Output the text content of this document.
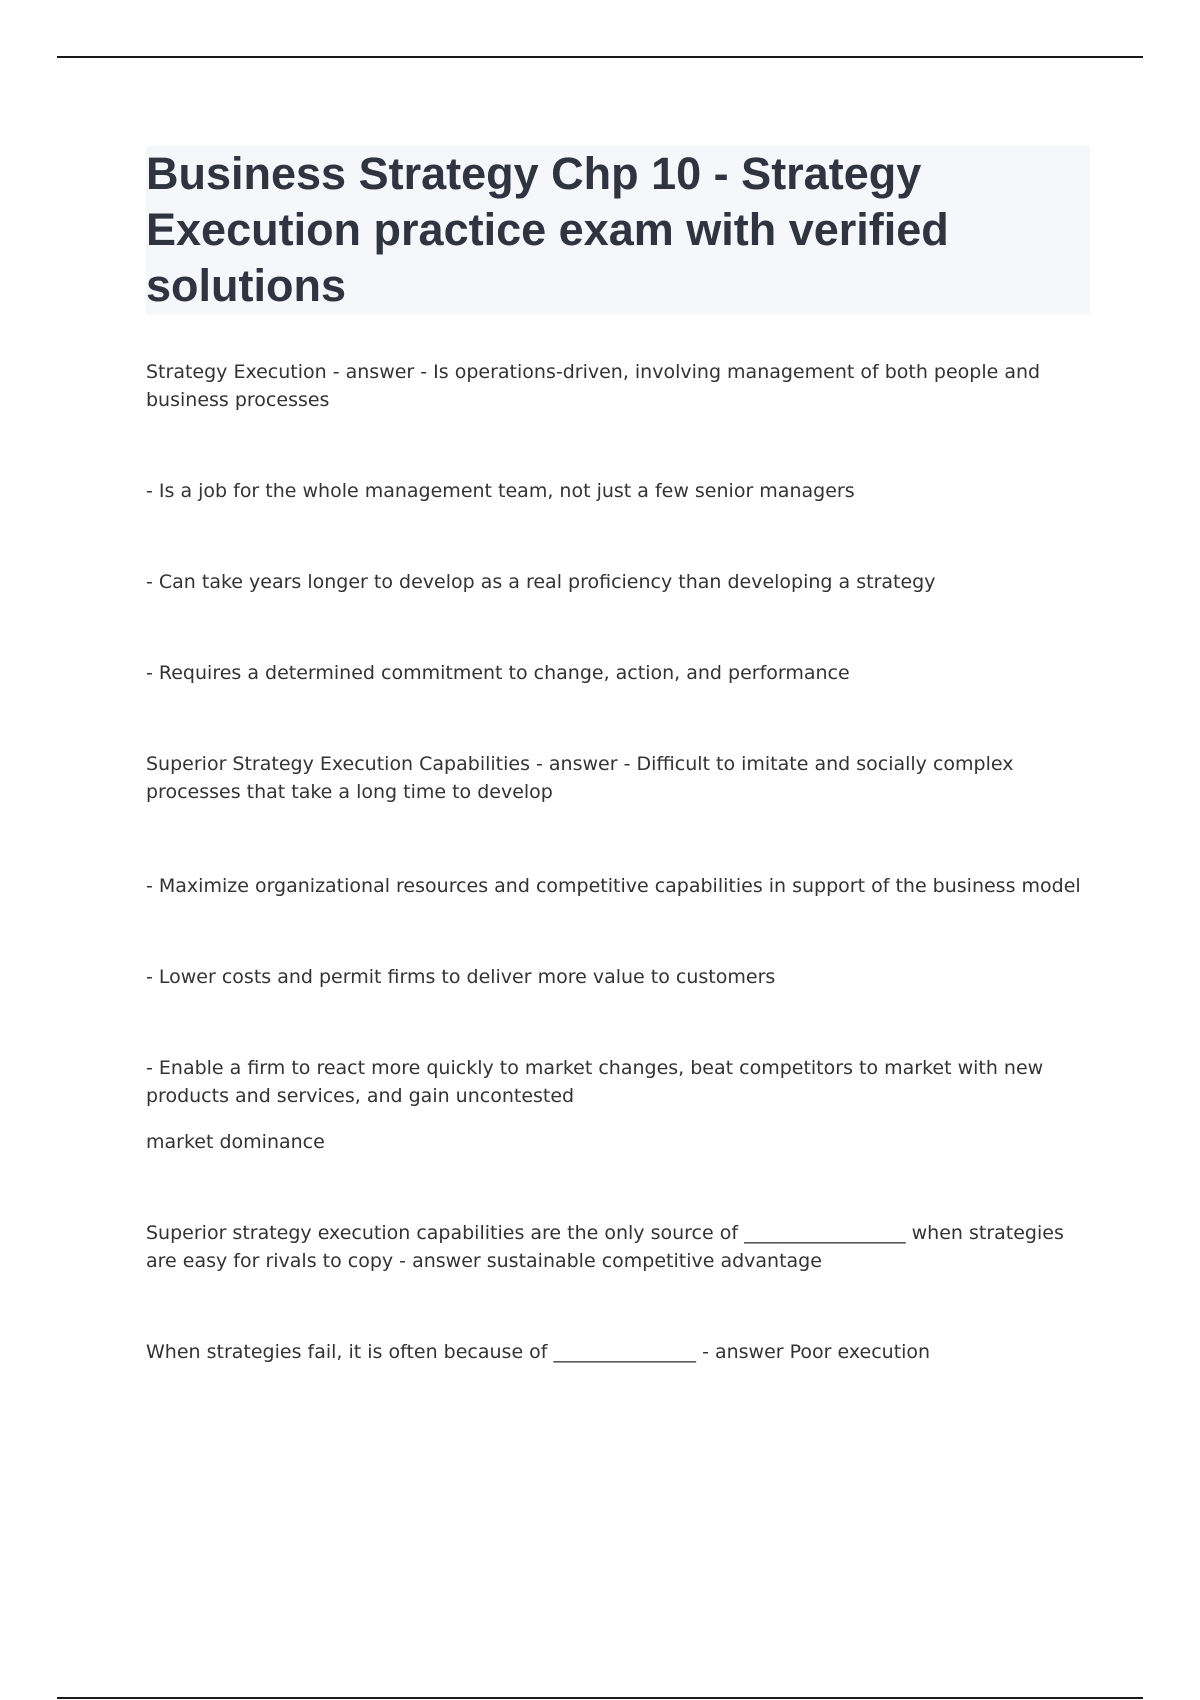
Business Strategy Chp 10 - Strategy
Execution practice exam with verified
solutions

Strategy Execution - answer - Is operations-driven, involving management of both people and business processes

- Is a job for the whole management team, not just a few senior managers

- Can take years longer to develop as a real proficiency than developing a strategy

- Requires a determined commitment to change, action, and performance

Superior Strategy Execution Capabilities - answer - Difficult to imitate and socially complex processes that take a long time to develop

- Maximize organizational resources and competitive capabilities in support of the business model

- Lower costs and permit firms to deliver more value to customers

- Enable a firm to react more quickly to market changes, beat competitors to market with new products and services, and gain uncontested

market dominance

Superior strategy execution capabilities are the only source of _________________ when strategies are easy for rivals to copy - answer sustainable competitive advantage

When strategies fail, it is often because of _______________ - answer Poor execution
